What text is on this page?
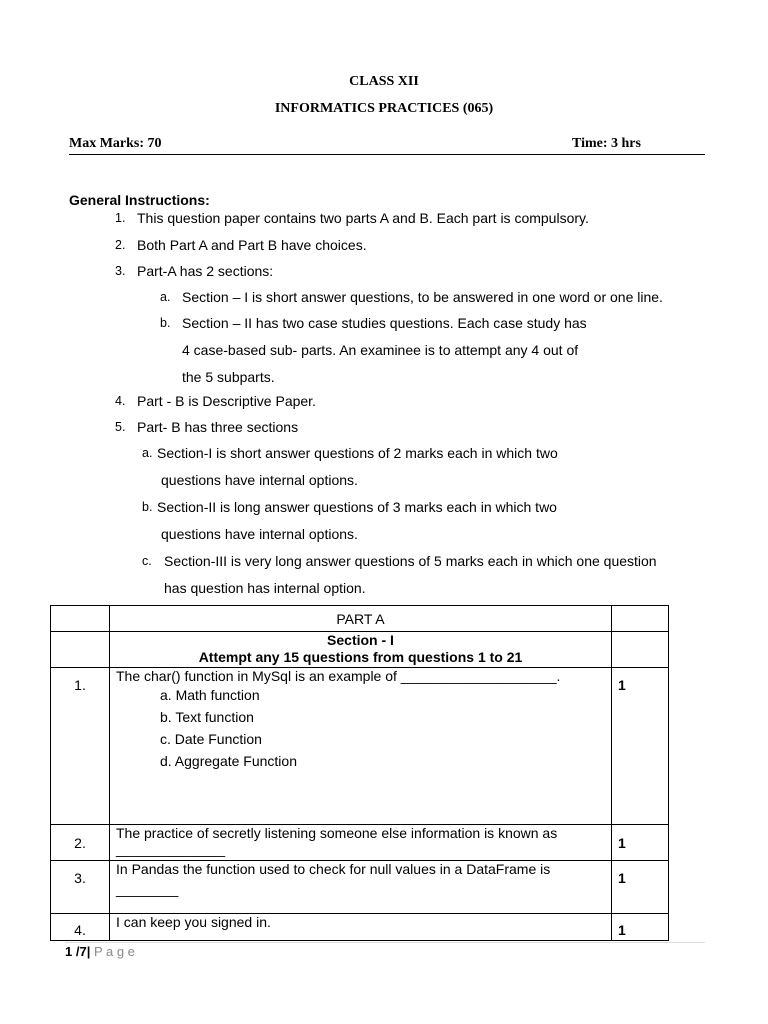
CLASS XII
INFORMATICS PRACTICES (065)
Max Marks: 70	Time: 3 hrs
General Instructions:
1. This question paper contains two parts A and B. Each part is compulsory.
2. Both Part A and Part B have choices.
3. Part-A has 2 sections:
a. Section – I is short answer questions, to be answered in one word or one line.
b. Section – II has two case studies questions. Each case study has
4 case-based sub- parts. An examinee is to attempt any 4 out of
the 5 subparts.
4. Part - B is Descriptive Paper.
5. Part- B has three sections
a. Section-I is short answer questions of 2 marks each in which two
questions have internal options.
b. Section-II is long answer questions of 3 marks each in which two
questions have internal options.
c. Section-III is very long answer questions of 5 marks each in which one question
has question has internal option.
	PART A	

	Section - I
Attempt any 15 questions from questions 1 to 21	

1.	The char() function in MySql is an example of ____________________.
a. Math function
b. Text function
c. Date Function
d. Aggregate Function	1
2.	The practice of secretly listening someone else information is known as
______________	1
3.	In Pandas the function used to check for null values in a DataFrame is
________	1
4.	I can keep you signed in.	1
1 /7| P a g e
